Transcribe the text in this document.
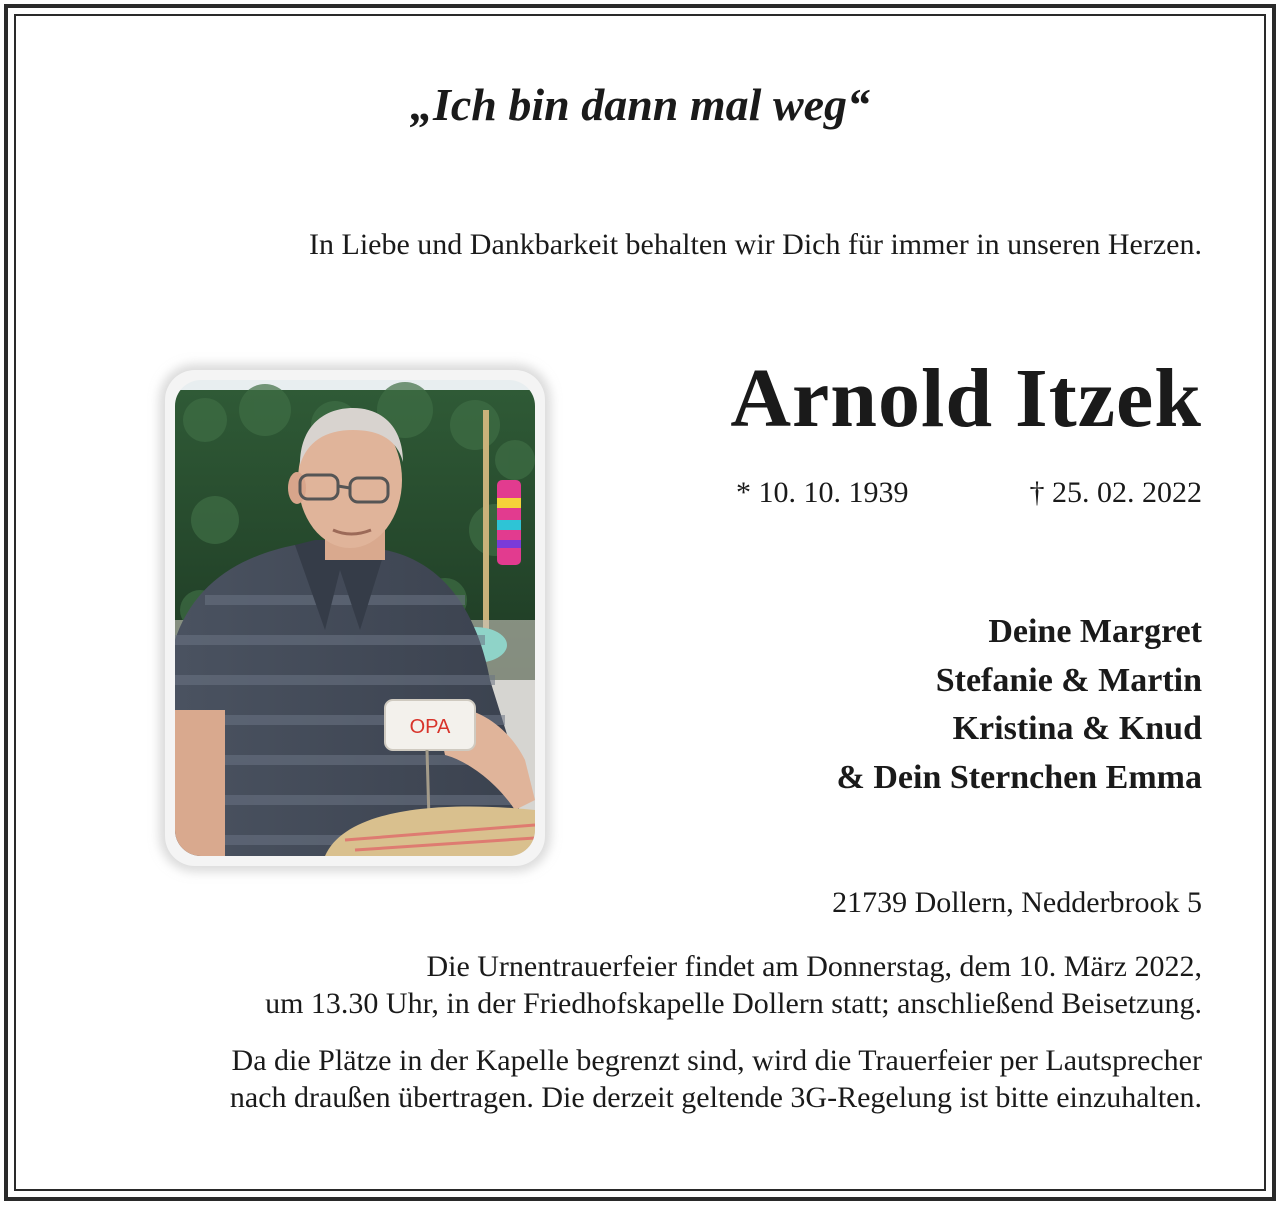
„Ich bin dann mal weg“
In Liebe und Dankbarkeit behalten wir Dich für immer in unseren Herzen.
OPA
Arnold Itzek
* 10. 10. 1939	† 25. 02. 2022
Deine Margret
Stefanie & Martin
Kristina & Knud
& Dein Sternchen Emma
21739 Dollern, Nedderbrook 5
Die Urnentrauerfeier findet am Donnerstag, dem 10. März 2022,
um 13.30 Uhr, in der Friedhofskapelle Dollern statt; anschließend Beisetzung.
Da die Plätze in der Kapelle begrenzt sind, wird die Trauerfeier per Lautsprecher
nach draußen übertragen. Die derzeit geltende 3G-Regelung ist bitte einzuhalten.
